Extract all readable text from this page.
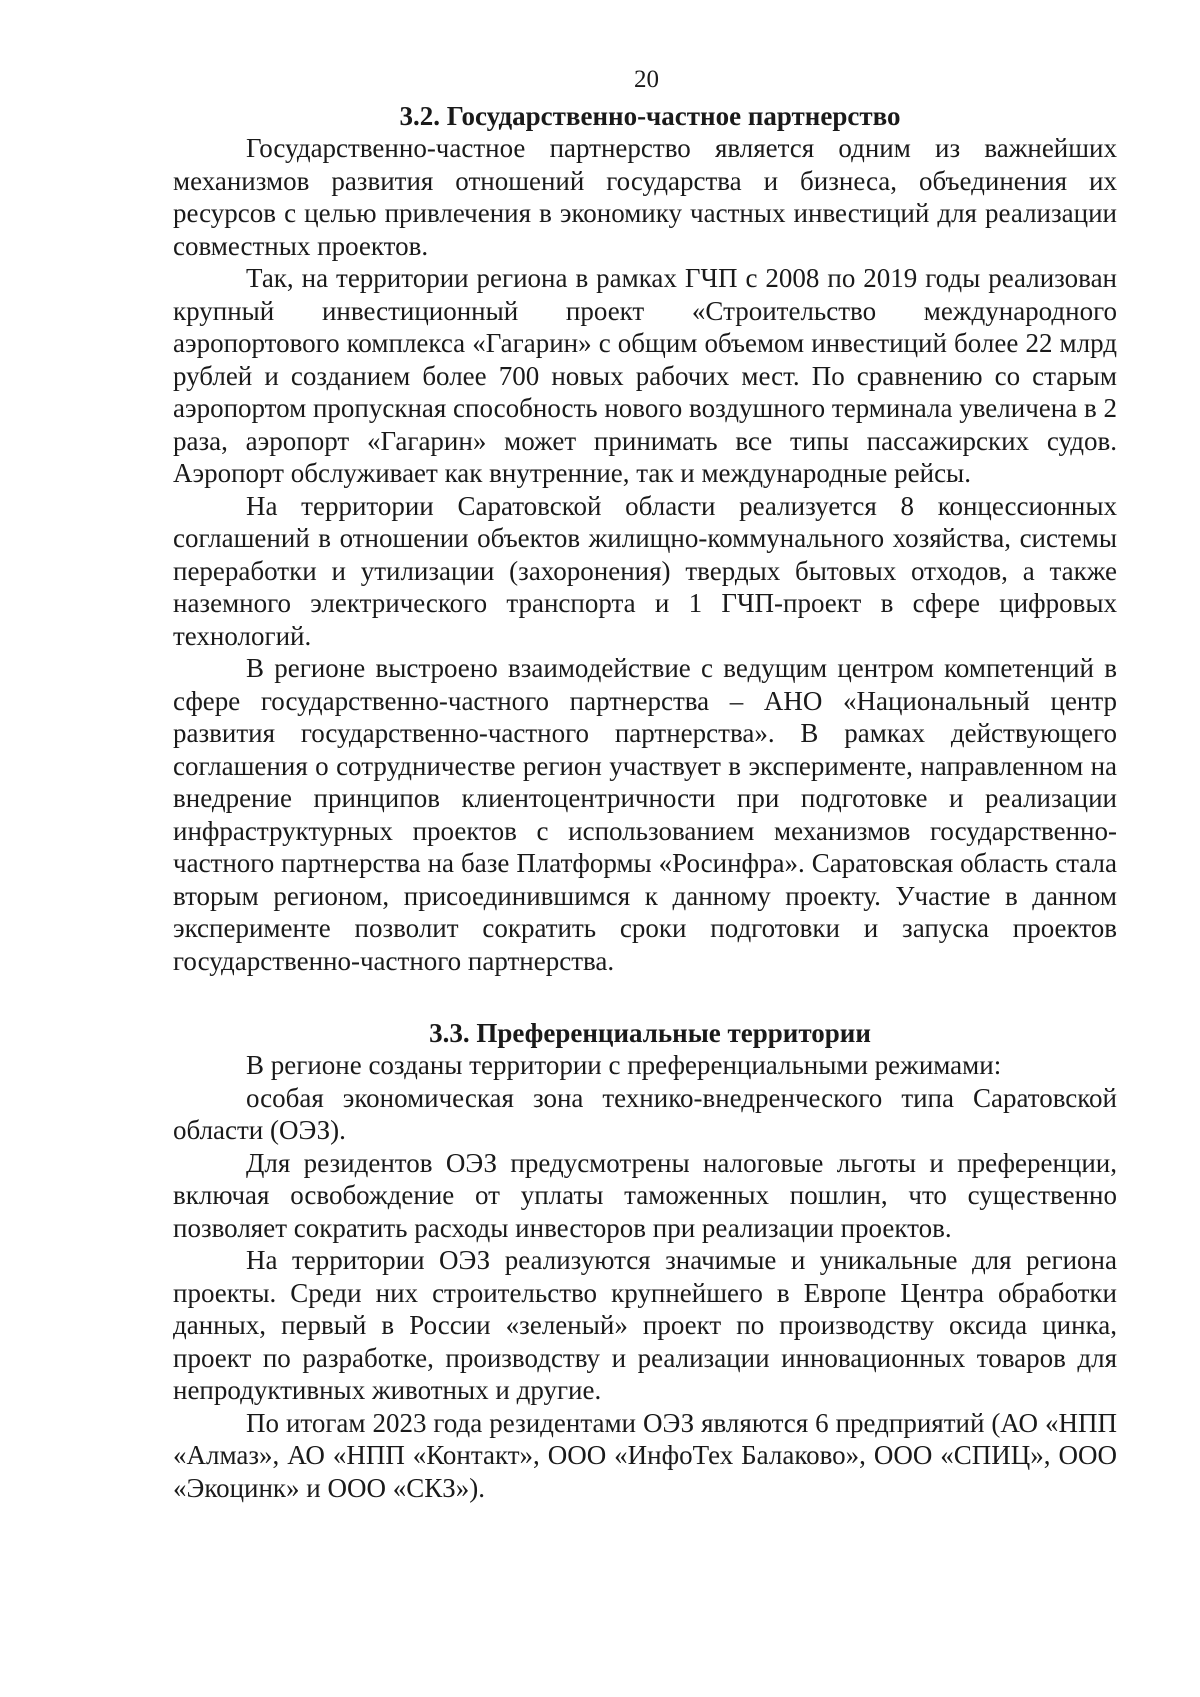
20
3.2. Государственно-частное партнерство

Государственно-частное партнерство является одним из важнейших механизмов развития отношений государства и бизнеса, объединения их ресурсов с целью привлечения в экономику частных инвестиций для реализации совместных проектов.

Так, на территории региона в рамках ГЧП с 2008 по 2019 годы реализован крупный инвестиционный проект «Строительство международного аэропортового комплекса «Гагарин» с общим объемом инвестиций более 22 млрд рублей и созданием более 700 новых рабочих мест. По сравнению со старым аэропортом пропускная способность нового воздушного терминала увеличена в 2 раза, аэропорт «Гагарин» может принимать все типы пассажирских судов. Аэропорт обслуживает как внутренние, так и международные рейсы.

На территории Саратовской области реализуется 8 концессионных соглашений в отношении объектов жилищно-коммунального хозяйства, системы переработки и утилизации (захоронения) твердых бытовых отходов, а также наземного электрического транспорта и 1 ГЧП-проект в сфере цифровых технологий.

В регионе выстроено взаимодействие с ведущим центром компетенций в сфере государственно-частного партнерства – АНО «Национальный центр развития государственно-частного партнерства». В рамках действующего соглашения о сотрудничестве регион участвует в эксперименте, направленном на внедрение принципов клиентоцентричности при подготовке и реализации инфраструктурных проектов с использованием механизмов государственно-частного партнерства на базе Платформы «Росинфра». Саратовская область стала вторым регионом, присоединившимся к данному проекту. Участие в данном эксперименте позволит сократить сроки подготовки и запуска проектов государственно-частного партнерства.

3.3. Преференциальные территории

В регионе созданы территории с преференциальными режимами:

особая экономическая зона технико-внедренческого типа Саратовской области (ОЭЗ).

Для резидентов ОЭЗ предусмотрены налоговые льготы и преференции, включая освобождение от уплаты таможенных пошлин, что существенно позволяет сократить расходы инвесторов при реализации проектов.

На территории ОЭЗ реализуются значимые и уникальные для региона проекты. Среди них строительство крупнейшего в Европе Центра обработки данных, первый в России «зеленый» проект по производству оксида цинка, проект по разработке, производству и реализации инновационных товаров для непродуктивных животных и другие.

По итогам 2023 года резидентами ОЭЗ являются 6 предприятий (АО «НПП «Алмаз», АО «НПП «Контакт», ООО «ИнфоТех Балаково», ООО «СПИЦ», ООО «Экоцинк» и ООО «СКЗ»).
